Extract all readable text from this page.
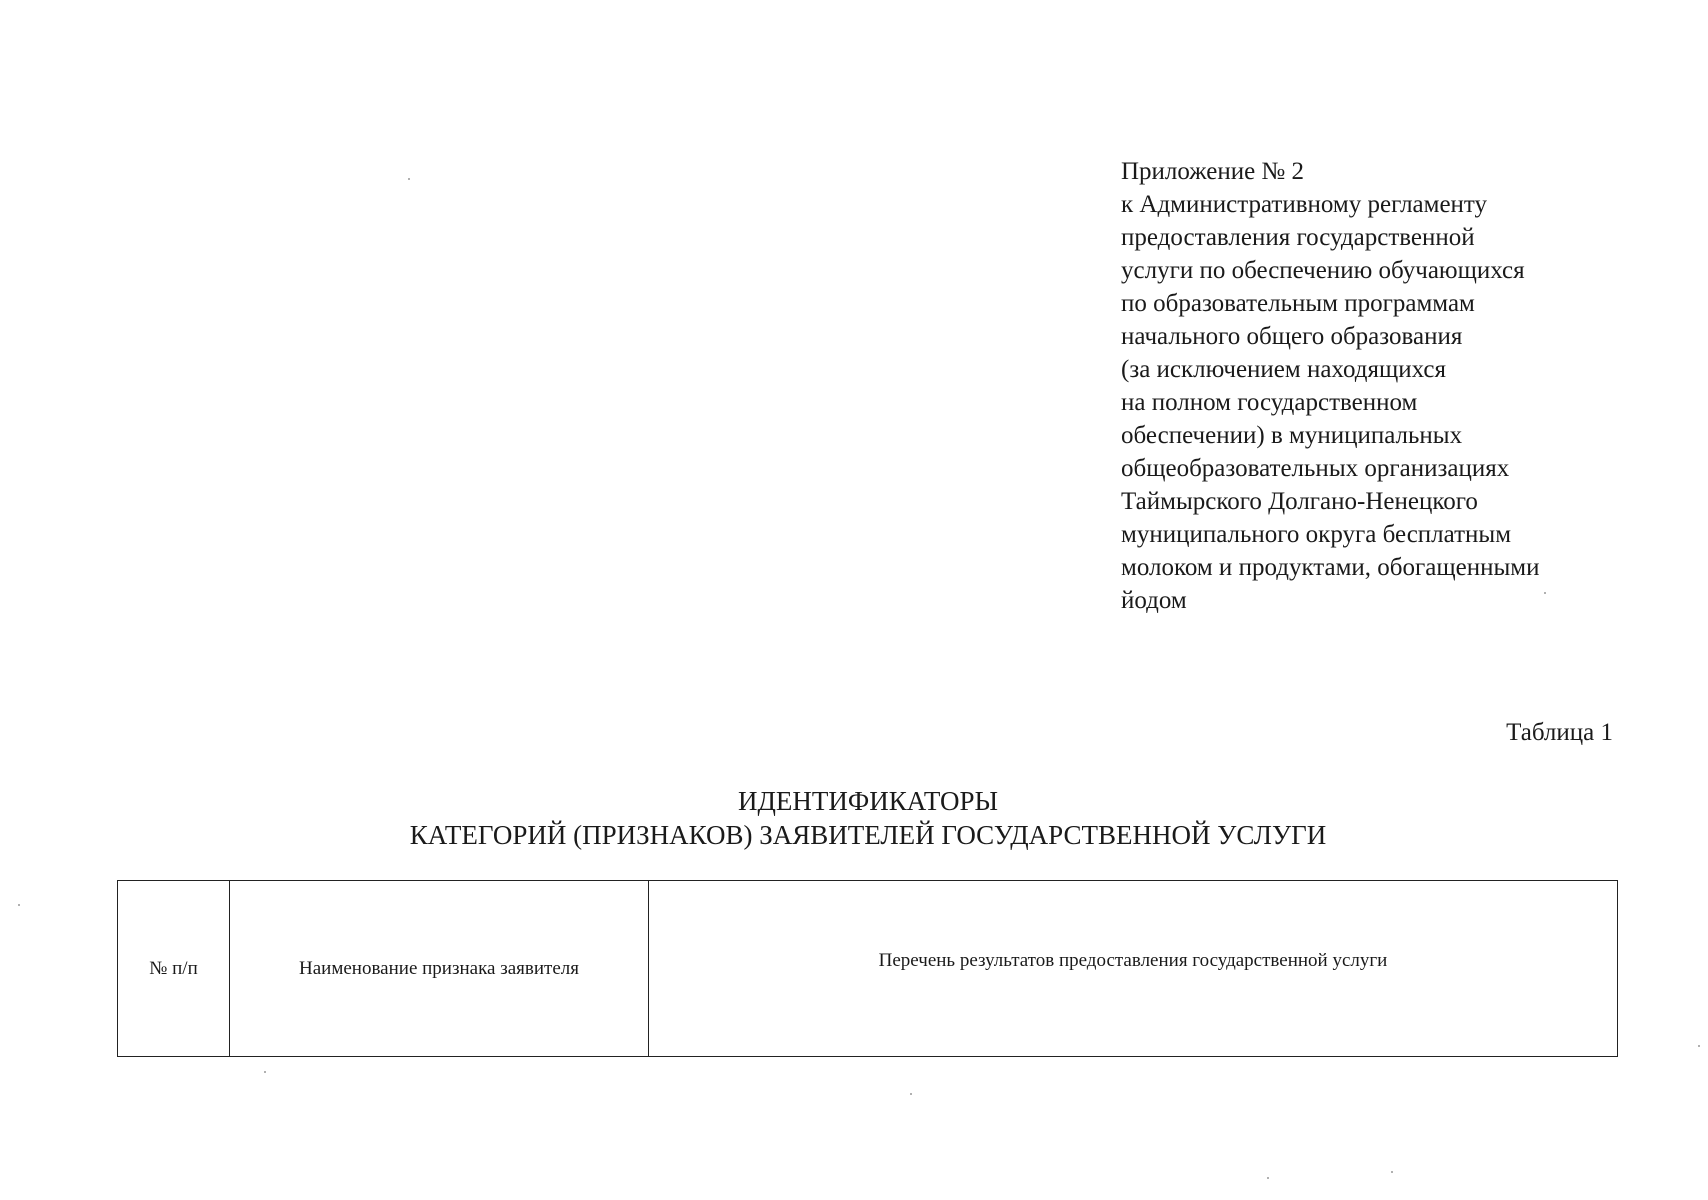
Приложение № 2
к Административному регламенту
предоставления государственной
услуги по обеспечению обучающихся
по образовательным программам
начального общего образования
(за исключением находящихся
на полном государственном
обеспечении) в муниципальных
общеобразовательных организациях
Таймырского Долгано-Ненецкого
муниципального округа бесплатным
молоком и продуктами, обогащенными
йодом
Таблица 1
ИДЕНТИФИКАТОРЫ
КАТЕГОРИЙ (ПРИЗНАКОВ) ЗАЯВИТЕЛЕЙ ГОСУДАРСТВЕННОЙ УСЛУГИ
№ п/п	Наименование признака заявителя	Перечень результатов предоставления государственной услуги
